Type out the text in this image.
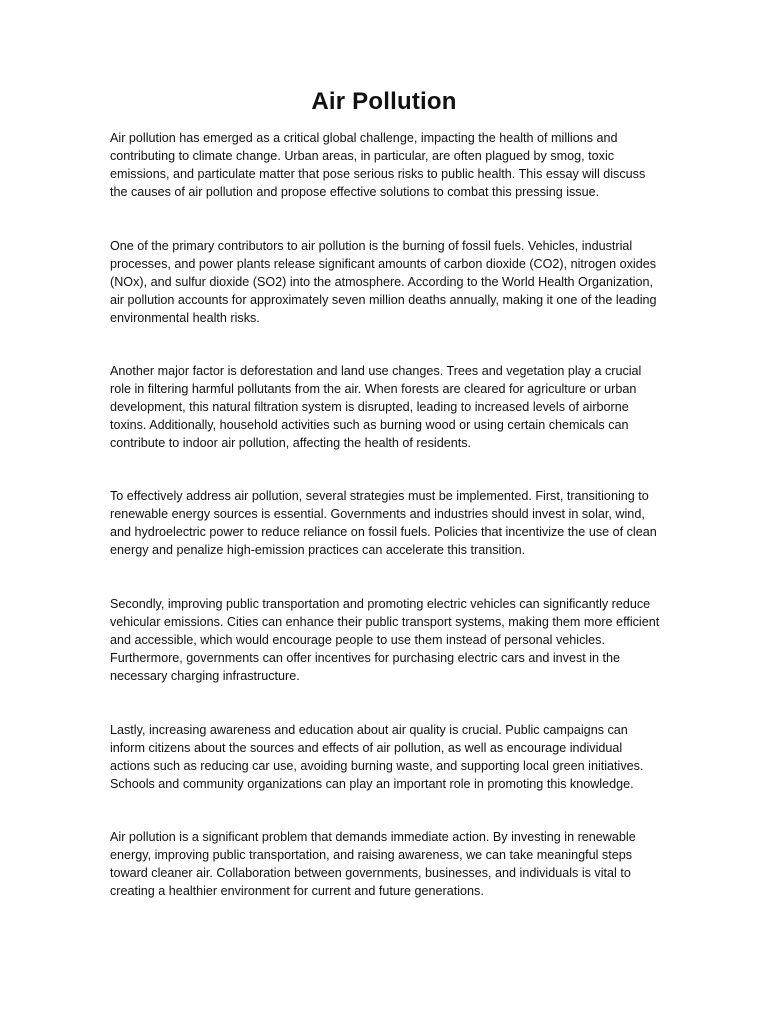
Air Pollution

Air pollution has emerged as a critical global challenge, impacting the health of millions and contributing to climate change. Urban areas, in particular, are often plagued by smog, toxic emissions, and particulate matter that pose serious risks to public health. This essay will discuss the causes of air pollution and propose effective solutions to combat this pressing issue.

One of the primary contributors to air pollution is the burning of fossil fuels. Vehicles, industrial processes, and power plants release significant amounts of carbon dioxide (CO2), nitrogen oxides (NOx), and sulfur dioxide (SO2) into the atmosphere. According to the World Health Organization, air pollution accounts for approximately seven million deaths annually, making it one of the leading environmental health risks.

Another major factor is deforestation and land use changes. Trees and vegetation play a crucial role in filtering harmful pollutants from the air. When forests are cleared for agriculture or urban development, this natural filtration system is disrupted, leading to increased levels of airborne toxins. Additionally, household activities such as burning wood or using certain chemicals can contribute to indoor air pollution, affecting the health of residents.

To effectively address air pollution, several strategies must be implemented. First, transitioning to renewable energy sources is essential. Governments and industries should invest in solar, wind, and hydroelectric power to reduce reliance on fossil fuels. Policies that incentivize the use of clean energy and penalize high-emission practices can accelerate this transition.

Secondly, improving public transportation and promoting electric vehicles can significantly reduce vehicular emissions. Cities can enhance their public transport systems, making them more efficient and accessible, which would encourage people to use them instead of personal vehicles. Furthermore, governments can offer incentives for purchasing electric cars and invest in the necessary charging infrastructure.

Lastly, increasing awareness and education about air quality is crucial. Public campaigns can inform citizens about the sources and effects of air pollution, as well as encourage individual actions such as reducing car use, avoiding burning waste, and supporting local green initiatives. Schools and community organizations can play an important role in promoting this knowledge.

Air pollution is a significant problem that demands immediate action. By investing in renewable energy, improving public transportation, and raising awareness, we can take meaningful steps toward cleaner air. Collaboration between governments, businesses, and individuals is vital to creating a healthier environment for current and future generations.
